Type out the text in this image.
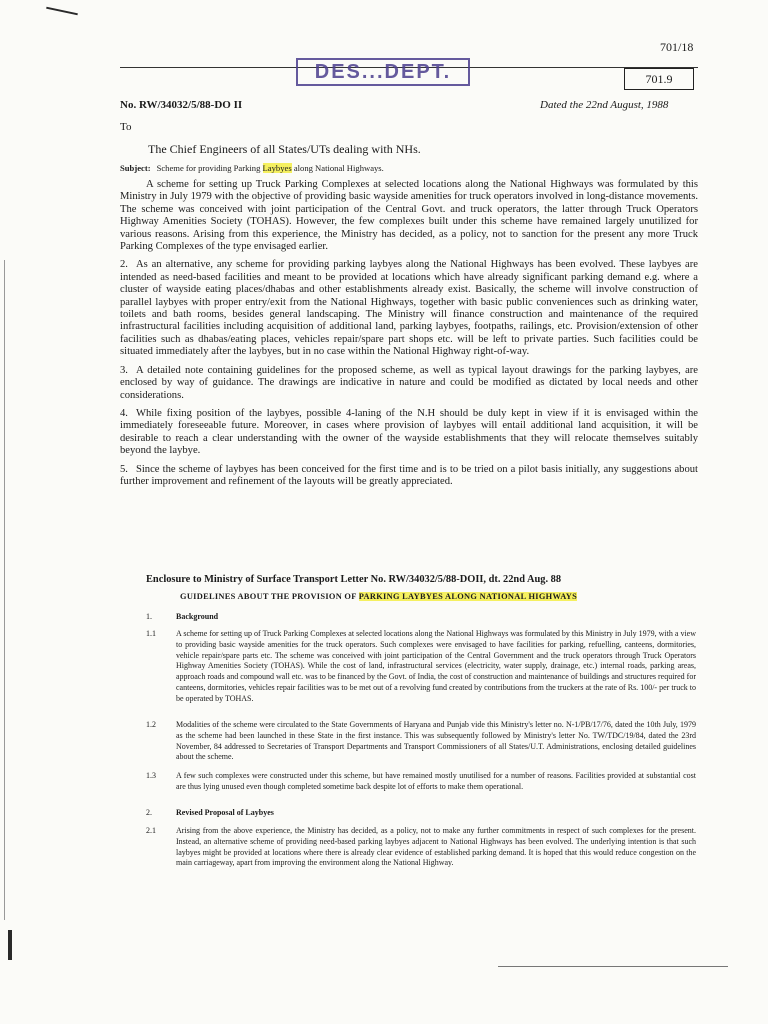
701/18
DES...DEPT.	701.9
No. RW/34032/5/88-DO II	Dated the 22nd August, 1988
To
The Chief Engineers of all States/UTs dealing with NHs.
Subject: Scheme for providing Parking Laybyes along National Highways.

A scheme for setting up Truck Parking Complexes at selected locations along the National Highways was formulated by this Ministry in July 1979 with the objective of providing basic wayside amenities for truck operators involved in long-distance movements. The scheme was conceived with joint participation of the Central Govt. and truck operators, the latter through Truck Operators Highway Amenities Society (TOHAS). However, the few complexes built under this scheme have remained largely unutilized for various reasons. Arising from this experience, the Ministry has decided, as a policy, not to sanction for the present any more Truck Parking Complexes of the type envisaged earlier.

2. As an alternative, any scheme for providing parking laybyes along the National Highways has been evolved. These laybyes are intended as need-based facilities and meant to be provided at locations which have already significant parking demand e.g. where a cluster of wayside eating places/dhabas and other establishments already exist. Basically, the scheme will involve construction of parallel laybyes with proper entry/exit from the National Highways, together with basic public conveniences such as drinking water, toilets and bath rooms, besides general landscaping. The Ministry will finance construction and maintenance of the required infrastructural facilities including acquisition of additional land, parking laybyes, footpaths, railings, etc. Provision/extension of other facilities such as dhabas/eating places, vehicles repair/spare part shops etc. will be left to private parties. Such facilities could be situated immediately after the laybyes, but in no case within the National Highway right-of-way.

3. A detailed note containing guidelines for the proposed scheme, as well as typical layout drawings for the parking laybyes, are enclosed by way of guidance. The drawings are indicative in nature and could be modified as dictated by local needs and other considerations.

4. While fixing position of the laybyes, possible 4-laning of the N.H should be duly kept in view if it is envisaged within the immediately foreseeable future. Moreover, in cases where provision of laybyes will entail additional land acquisition, it will be desirable to reach a clear understanding with the owner of the wayside establishments that they will relocate themselves suitably beyond the laybye.

5. Since the scheme of laybyes has been conceived for the first time and is to be tried on a pilot basis initially, any suggestions about further improvement and refinement of the layouts will be greatly appreciated.

Enclosure to Ministry of Surface Transport Letter No. RW/34032/5/88-DOII, dt. 22nd Aug. 88
GUIDELINES ABOUT THE PROVISION OF PARKING LAYBYES ALONG NATIONAL HIGHWAYS
1.	Background
1.1	A scheme for setting up of Truck Parking Complexes at selected locations along the National Highways was formulated by this Ministry in July 1979, with a view to providing basic wayside amenities for the truck operators. Such complexes were envisaged to have facilities for parking, refuelling, canteens, dormitories, vehicle repair/spare parts etc. The scheme was conceived with joint participation of the Central Government and the truck operators through Truck Operators Highway Amenities Society (TOHAS). While the cost of land, infrastructural services (electricity, water supply, drainage, etc.) internal roads, parking areas, approach roads and compound wall etc. was to be financed by the Govt. of India, the cost of construction and maintenance of buildings and structures required for canteens, dormitories, vehicles repair facilities was to be met out of a revolving fund created by contributions from the truckers at the rate of Rs. 100/- per truck to be operated by TOHAS.
1.2	Modalities of the scheme were circulated to the State Governments of Haryana and Punjab vide this Ministry's letter no. N-1/PB/17/76, dated the 10th July, 1979 as the scheme had been launched in these State in the first instance. This was subsequently followed by Ministry's letter No. TW/TDC/19/84, dated the 23rd November, 84 addressed to Secretaries of Transport Departments and Transport Commissioners of all States/U.T. Administrations, enclosing detailed guidelines about the scheme.
1.3	A few such complexes were constructed under this scheme, but have remained mostly unutilised for a number of reasons. Facilities provided at substantial cost are thus lying unused even though completed sometime back despite lot of efforts to make them operational.
2.	Revised Proposal of Laybyes
2.1	Arising from the above experience, the Ministry has decided, as a policy, not to make any further commitments in respect of such complexes for the present. Instead, an alternative scheme of providing need-based parking laybyes adjacent to National Highways has been evolved. The underlying intention is that such laybyes might be provided at locations where there is already clear evidence of established parking demand. It is hoped that this would reduce congestion on the main carriageway, apart from improving the environment along the National Highway.
